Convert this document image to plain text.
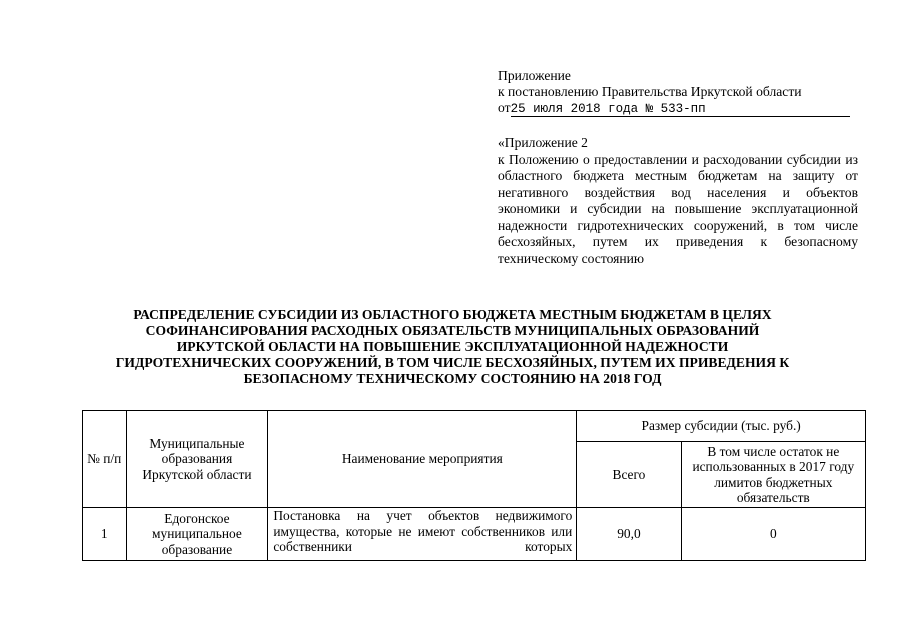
Приложение
к постановлению Правительства Иркутской области
от25 июля 2018 года № 533-пп
«Приложение 2
к Положению о предоставлении и расходовании субсидии из областного бюджета местным бюджетам на защиту от негативного воздействия вод населения и объектов экономики и субсидии на повышение эксплуатационной надежности гидротехнических сооружений, в том числе бесхозяйных, путем их приведения к безопасному техническому состоянию
РАСПРЕДЕЛЕНИЕ СУБСИДИИ ИЗ ОБЛАСТНОГО БЮДЖЕТА МЕСТНЫМ БЮДЖЕТАМ В ЦЕЛЯХ
СОФИНАНСИРОВАНИЯ РАСХОДНЫХ ОБЯЗАТЕЛЬСТВ МУНИЦИПАЛЬНЫХ ОБРАЗОВАНИЙ
ИРКУТСКОЙ ОБЛАСТИ НА ПОВЫШЕНИЕ ЭКСПЛУАТАЦИОННОЙ НАДЕЖНОСТИ
ГИДРОТЕХНИЧЕСКИХ СООРУЖЕНИЙ, В ТОМ ЧИСЛЕ БЕСХОЗЯЙНЫХ, ПУТЕМ ИХ ПРИВЕДЕНИЯ К
БЕЗОПАСНОМУ ТЕХНИЧЕСКОМУ СОСТОЯНИЮ НА 2018 ГОД
№ п/п	Муниципальные образования Иркутской области	Наименование мероприятия	Размер субсидии (тыс. руб.)	
			Всего	В том числе остаток не использованных в 2017 году лимитов бюджетных обязательств
1	Едогонское муниципальное образование	Постановка на учет объектов недвижимого имущества, которые не имеют собственников или собственники которых	90,0	0
